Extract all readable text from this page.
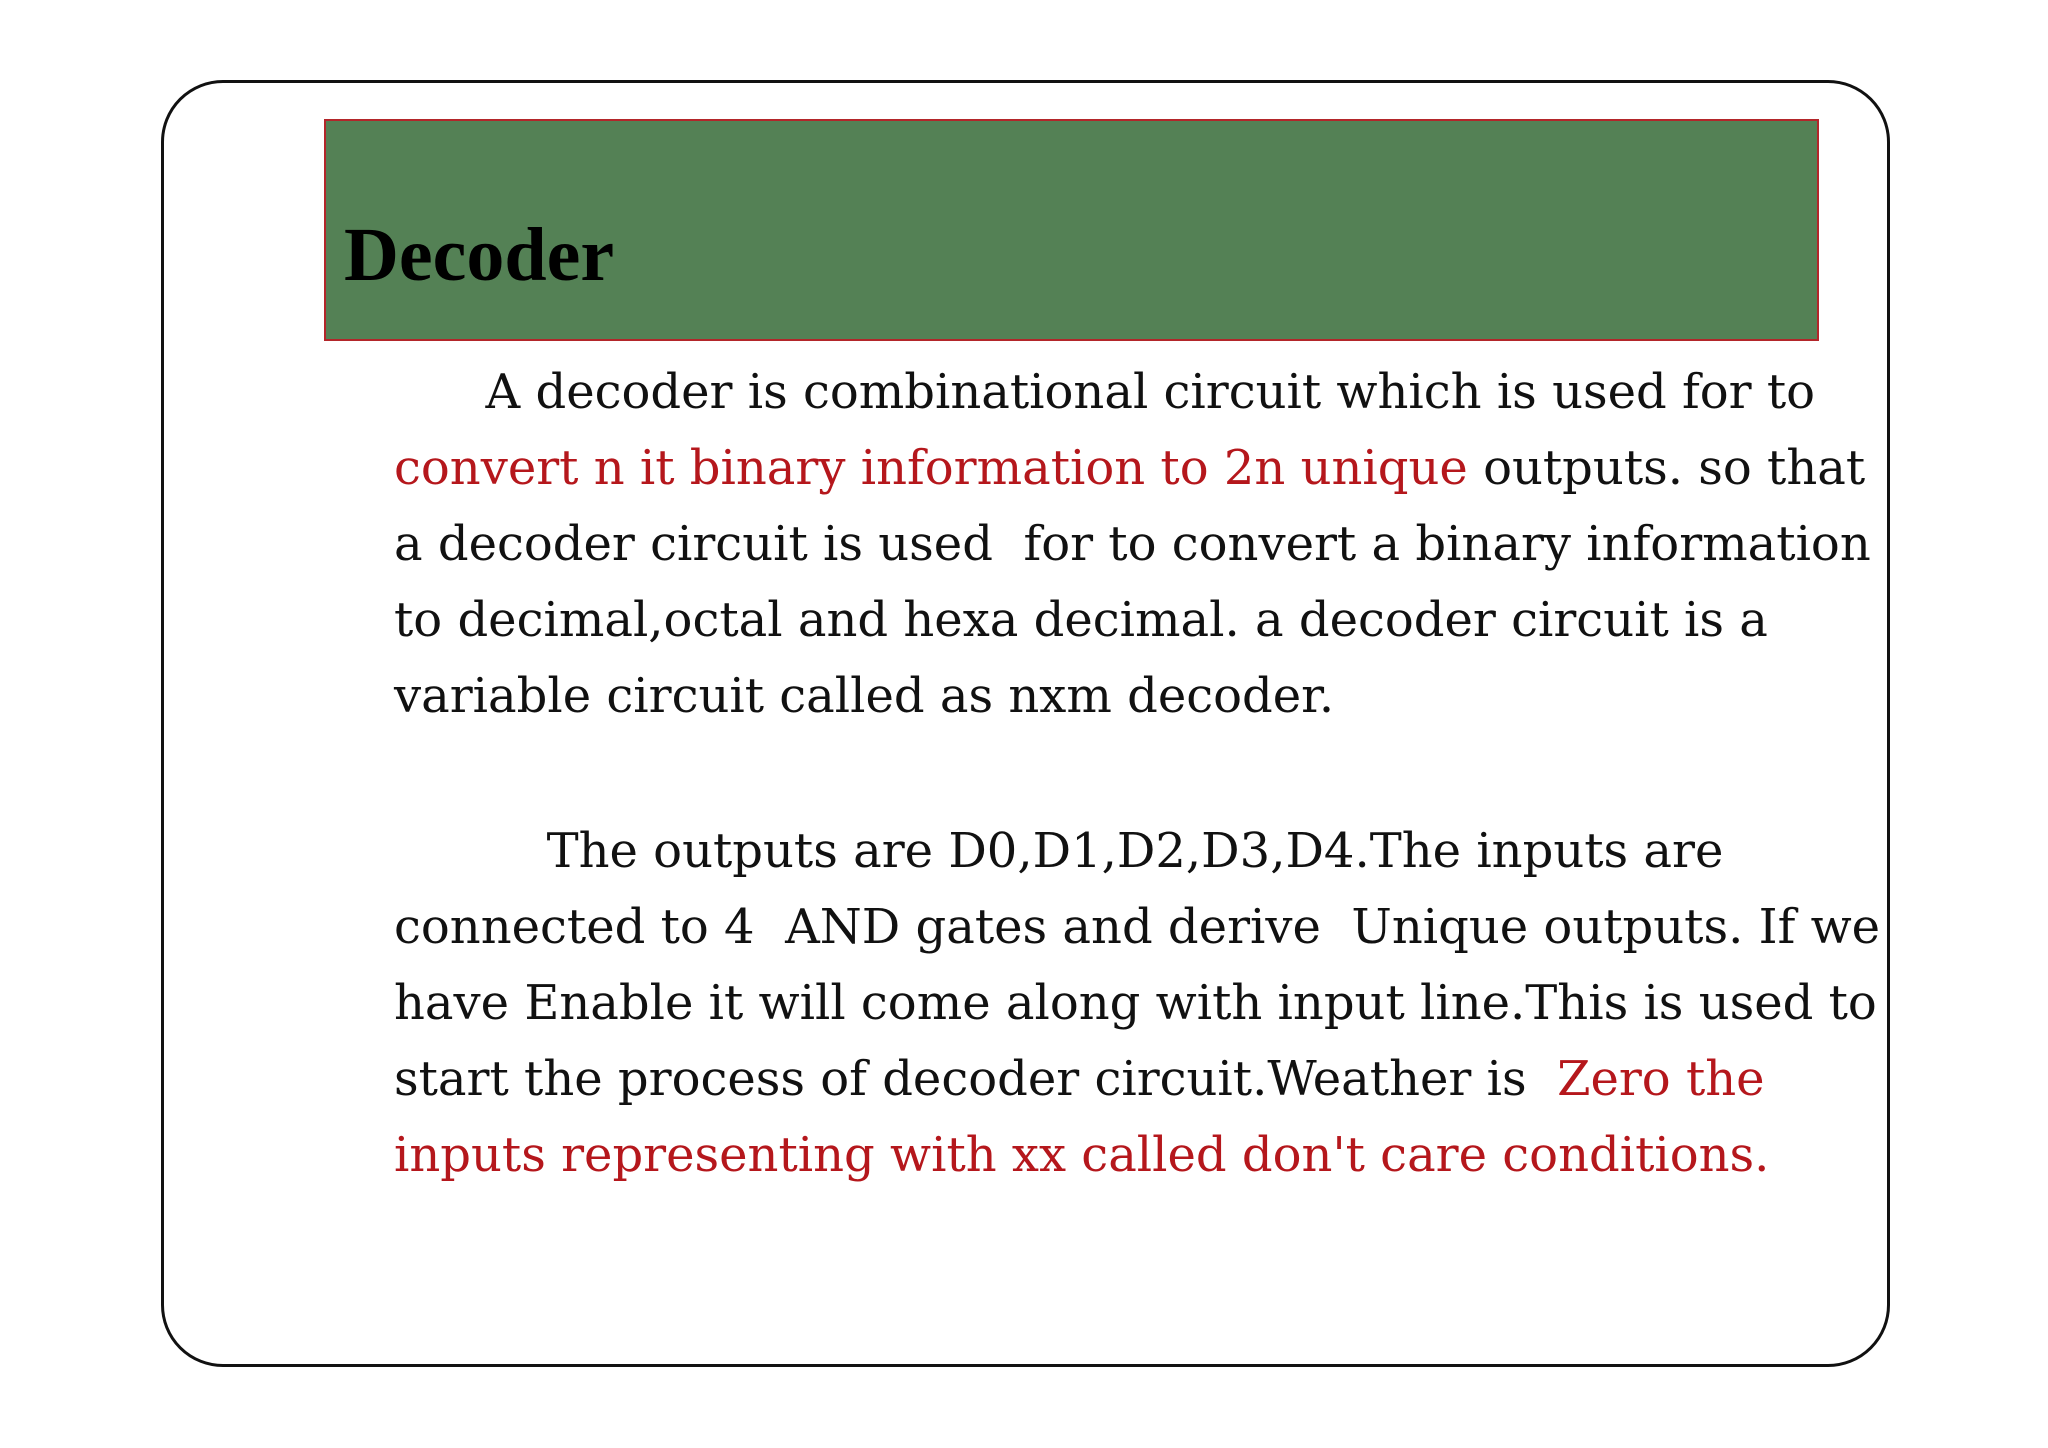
Decoder
A decoder is combinational circuit which is used for to
convert n it binary information to 2n unique outputs. so that
a decoder circuit is used  for to convert a binary information
to decimal,octal and hexa decimal. a decoder circuit is a
variable circuit called as nxm decoder.
The outputs are D0,D1,D2,D3,D4.The inputs are
connected to 4  AND gates and derive  Unique outputs. If we
have Enable it will come along with input line.This is used to
start the process of decoder circuit.Weather is  Zero the
inputs representing with xx called don't care conditions.
